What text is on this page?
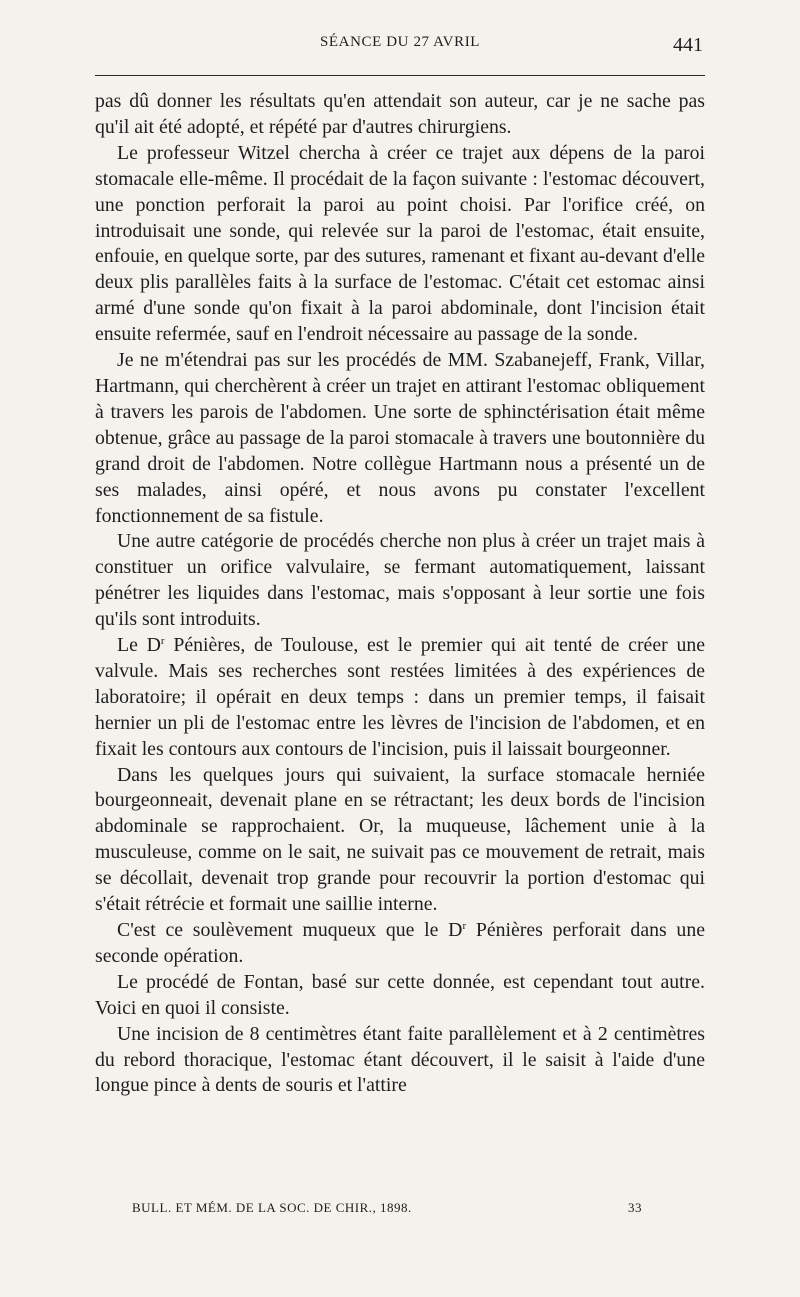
SÉANCE DU 27 AVRIL	441

pas dû donner les résultats qu'en attendait son auteur, car je ne sache pas qu'il ait été adopté, et répété par d'autres chirurgiens.

Le professeur Witzel chercha à créer ce trajet aux dépens de la paroi stomacale elle-même. Il procédait de la façon suivante : l'estomac découvert, une ponction perforait la paroi au point choisi. Par l'orifice créé, on introduisait une sonde, qui relevée sur la paroi de l'estomac, était ensuite, enfouie, en quelque sorte, par des sutures, ramenant et fixant au-devant d'elle deux plis parallèles faits à la surface de l'estomac. C'était cet estomac ainsi armé d'une sonde qu'on fixait à la paroi abdominale, dont l'incision était ensuite refermée, sauf en l'endroit nécessaire au passage de la sonde.

Je ne m'étendrai pas sur les procédés de MM. Szabanejeff, Frank, Villar, Hartmann, qui cherchèrent à créer un trajet en attirant l'estomac obliquement à travers les parois de l'abdomen. Une sorte de sphinctérisation était même obtenue, grâce au passage de la paroi stomacale à travers une boutonnière du grand droit de l'abdomen. Notre collègue Hartmann nous a présenté un de ses malades, ainsi opéré, et nous avons pu constater l'excellent fonctionnement de sa fistule.

Une autre catégorie de procédés cherche non plus à créer un trajet mais à constituer un orifice valvulaire, se fermant automatiquement, laissant pénétrer les liquides dans l'estomac, mais s'opposant à leur sortie une fois qu'ils sont introduits.

Le $D^r$ Pénières, de Toulouse, est le premier qui ait tenté de créer une valvule. Mais ses recherches sont restées limitées à des expériences de laboratoire; il opérait en deux temps : dans un premier temps, il faisait hernier un pli de l'estomac entre les lèvres de l'incision de l'abdomen, et en fixait les contours aux contours de l'incision, puis il laissait bourgeonner.

Dans les quelques jours qui suivaient, la surface stomacale herniée bourgeonneait, devenait plane en se rétractant; les deux bords de l'incision abdominale se rapprochaient. Or, la muqueuse, lâchement unie à la musculeuse, comme on le sait, ne suivait pas ce mouvement de retrait, mais se décollait, devenait trop grande pour recouvrir la portion d'estomac qui s'était rétrécie et formait une saillie interne.

C'est ce soulèvement muqueux que le $D^r$ Pénières perforait dans une seconde opération.

Le procédé de Fontan, basé sur cette donnée, est cependant tout autre. Voici en quoi il consiste.

Une incision de 8 centimètres étant faite parallèlement et à 2 centimètres du rebord thoracique, l'estomac étant découvert, il le saisit à l'aide d'une longue pince à dents de souris et l'attire

BULL. ET MÉM. DE LA SOC. DE CHIR., 1898.	33
